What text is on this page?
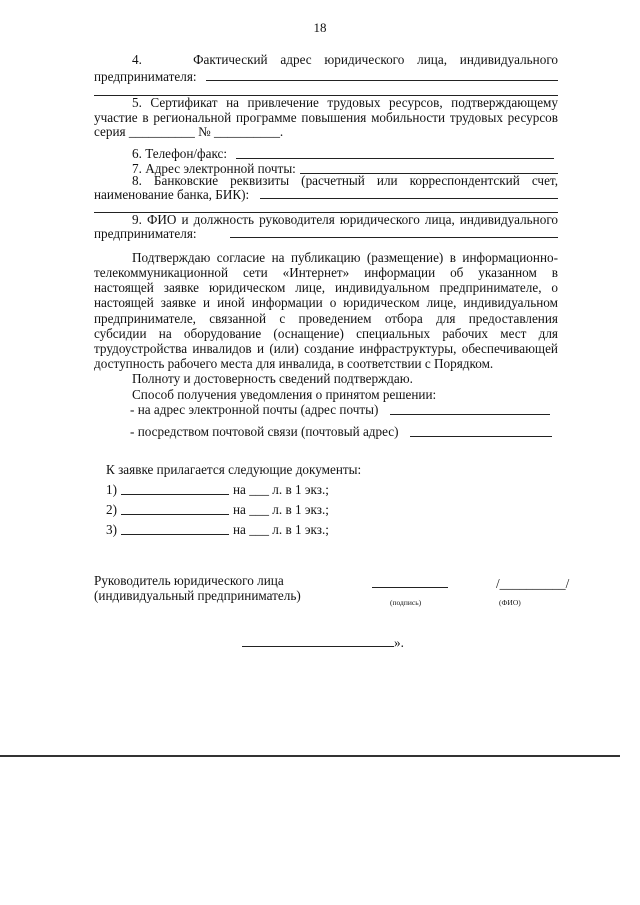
18
4.    Фактический адрес юридического лица, индивидуального
предпринимателя:
5. Сертификат на привлечение трудовых ресурсов, подтверждающему
участие в региональной программе повышения мобильности трудовых ресурсов
серия __________ № __________.
6. Телефон/факс:
7. Адрес электронной почты:
8. Банковские реквизиты (расчетный или корреспондентский счет,
наименование банка, БИК):
9. ФИО и должность руководителя юридического лица, индивидуального
предпринимателя:
Подтверждаю согласие на публикацию (размещение) в информационно-
телекоммуникационной сети «Интернет» информации об указанном в
настоящей заявке юридическом лице, индивидуальном предпринимателе, о
настоящей заявке и иной информации о юридическом лице, индивидуальном
предпринимателе, связанной с проведением отбора для предоставления
субсидии на оборудование (оснащение) специальных рабочих мест для
трудоустройства инвалидов и (или) создание инфраструктуры, обеспечивающей
доступность рабочего места для инвалида, в соответствии с Порядком.
Полноту и достоверность сведений подтверждаю.
Способ получения уведомления о принятом решении:
- на адрес электронной почты (адрес почты)
- посредством почтовой связи (почтовый адрес)
К заявке прилагается следующие документы:
1)	на ___ л. в 1 экз.;
2)	на ___ л. в 1 экз.;
3)	на ___ л. в 1 экз.;
Руководитель юридического лица
(индивидуальный предприниматель)	(подпись)
/__________/
(ФИО)
».
